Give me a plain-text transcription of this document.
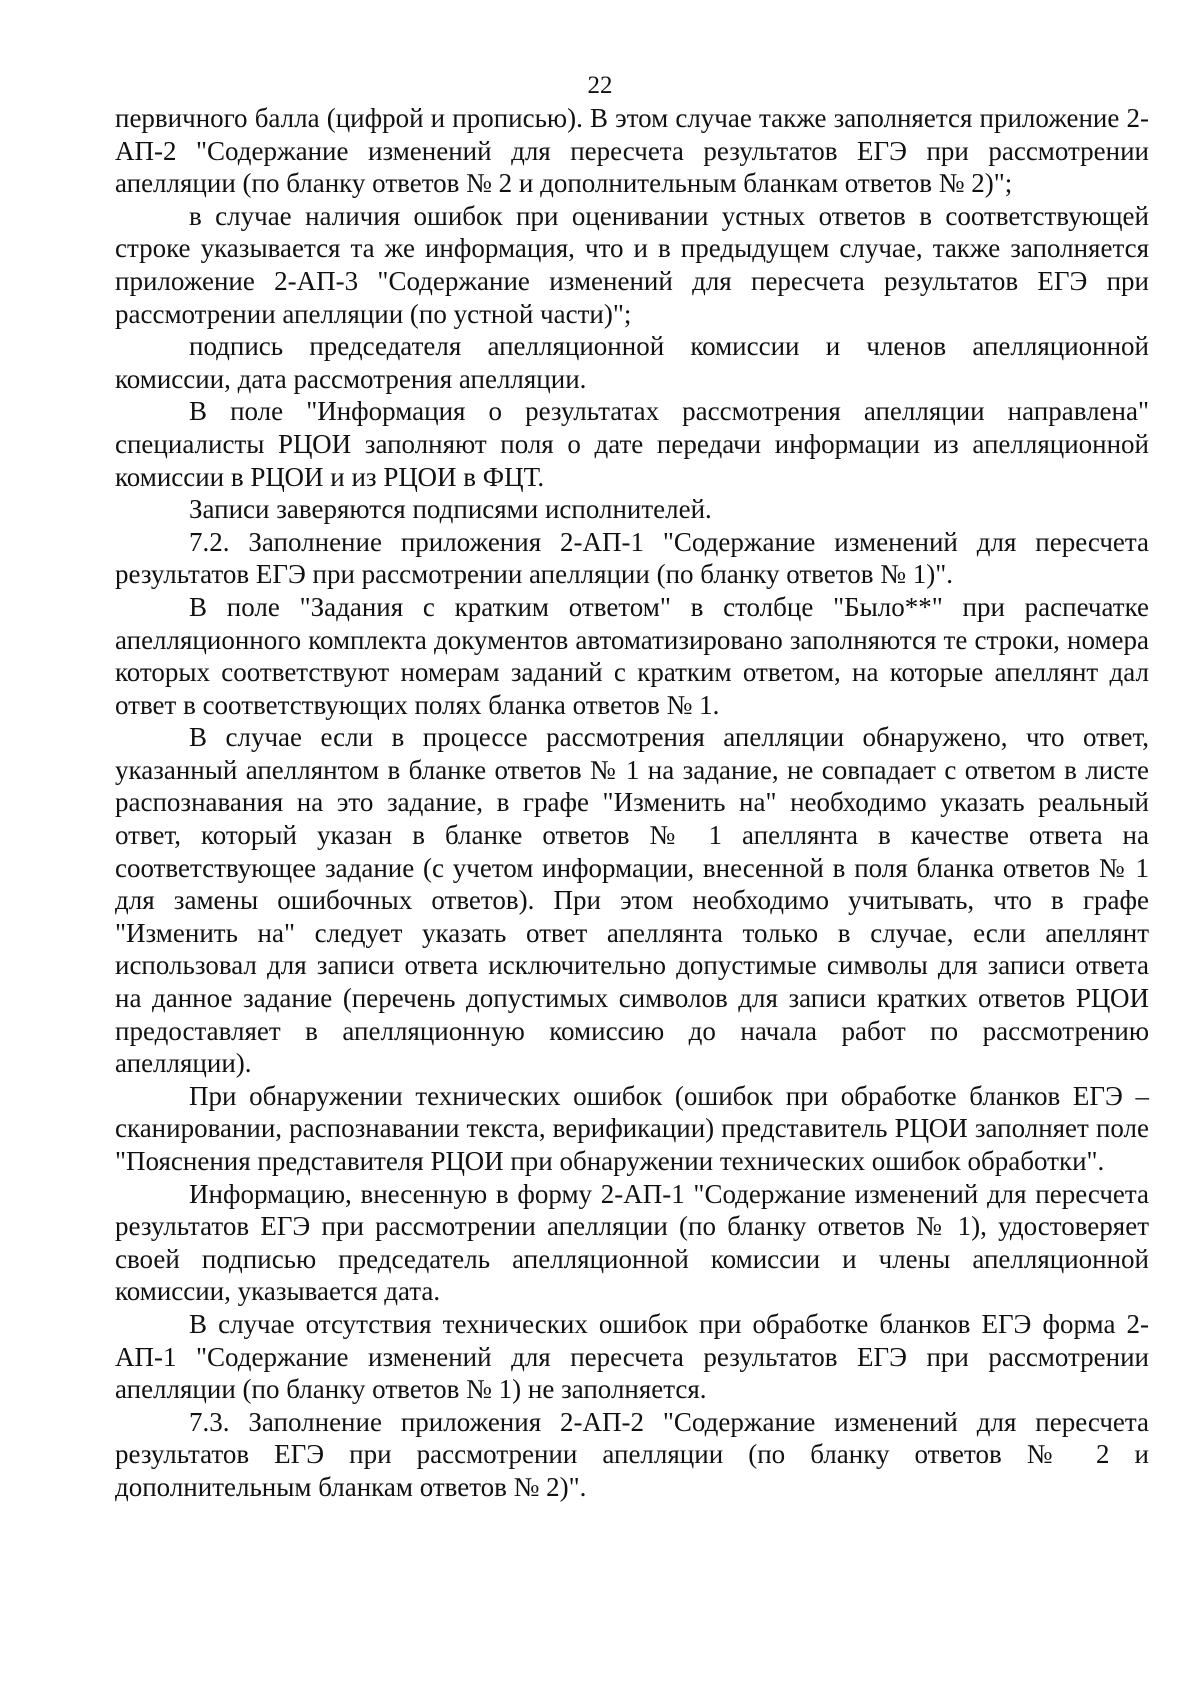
22

первичного балла (цифрой и прописью). В этом случае также заполняется приложение 2-АП-2 "Содержание изменений для пересчета результатов ЕГЭ при рассмотрении апелляции (по бланку ответов № 2 и дополнительным бланкам ответов № 2)";

в случае наличия ошибок при оценивании устных ответов в соответствующей строке указывается та же информация, что и в предыдущем случае, также заполняется приложение 2-АП-3 "Содержание изменений для пересчета результатов ЕГЭ при рассмотрении апелляции (по устной части)";

подпись председателя апелляционной комиссии и членов апелляционной комиссии, дата рассмотрения апелляции.

В поле "Информация о результатах рассмотрения апелляции направлена" специалисты РЦОИ заполняют поля о дате передачи информации из апелляционной комиссии в РЦОИ и из РЦОИ в ФЦТ.

Записи заверяются подписями исполнителей.

7.2. Заполнение приложения 2-АП-1 "Содержание изменений для пересчета результатов ЕГЭ при рассмотрении апелляции (по бланку ответов № 1)".

В поле "Задания с кратким ответом" в столбце "Было**" при распечатке апелляционного комплекта документов автоматизировано заполняются те строки, номера которых соответствуют номерам заданий с кратким ответом, на которые апеллянт дал ответ в соответствующих полях бланка ответов № 1.

В случае если в процессе рассмотрения апелляции обнаружено, что ответ, указанный апеллянтом в бланке ответов № 1 на задание, не совпадает с ответом в листе распознавания на это задание, в графе "Изменить на" необходимо указать реальный ответ, который указан в бланке ответов № 1 апеллянта в качестве ответа на соответствующее задание (с учетом информации, внесенной в поля бланка ответов № 1 для замены ошибочных ответов). При этом необходимо учитывать, что в графе "Изменить на" следует указать ответ апеллянта только в случае, если апеллянт использовал для записи ответа исключительно допустимые символы для записи ответа на данное задание (перечень допустимых символов для записи кратких ответов РЦОИ предоставляет в апелляционную комиссию до начала работ по рассмотрению апелляции).

При обнаружении технических ошибок (ошибок при обработке бланков ЕГЭ – сканировании, распознавании текста, верификации) представитель РЦОИ заполняет поле "Пояснения представителя РЦОИ при обнаружении технических ошибок обработки".

Информацию, внесенную в форму 2-АП-1 "Содержание изменений для пересчета результатов ЕГЭ при рассмотрении апелляции (по бланку ответов № 1), удостоверяет своей подписью председатель апелляционной комиссии и члены апелляционной комиссии, указывается дата.

В случае отсутствия технических ошибок при обработке бланков ЕГЭ форма 2-АП-1 "Содержание изменений для пересчета результатов ЕГЭ при рассмотрении апелляции (по бланку ответов № 1) не заполняется.

7.3. Заполнение приложения 2-АП-2 "Содержание изменений для пересчета результатов ЕГЭ при рассмотрении апелляции (по бланку ответов № 2 и дополнительным бланкам ответов № 2)".
